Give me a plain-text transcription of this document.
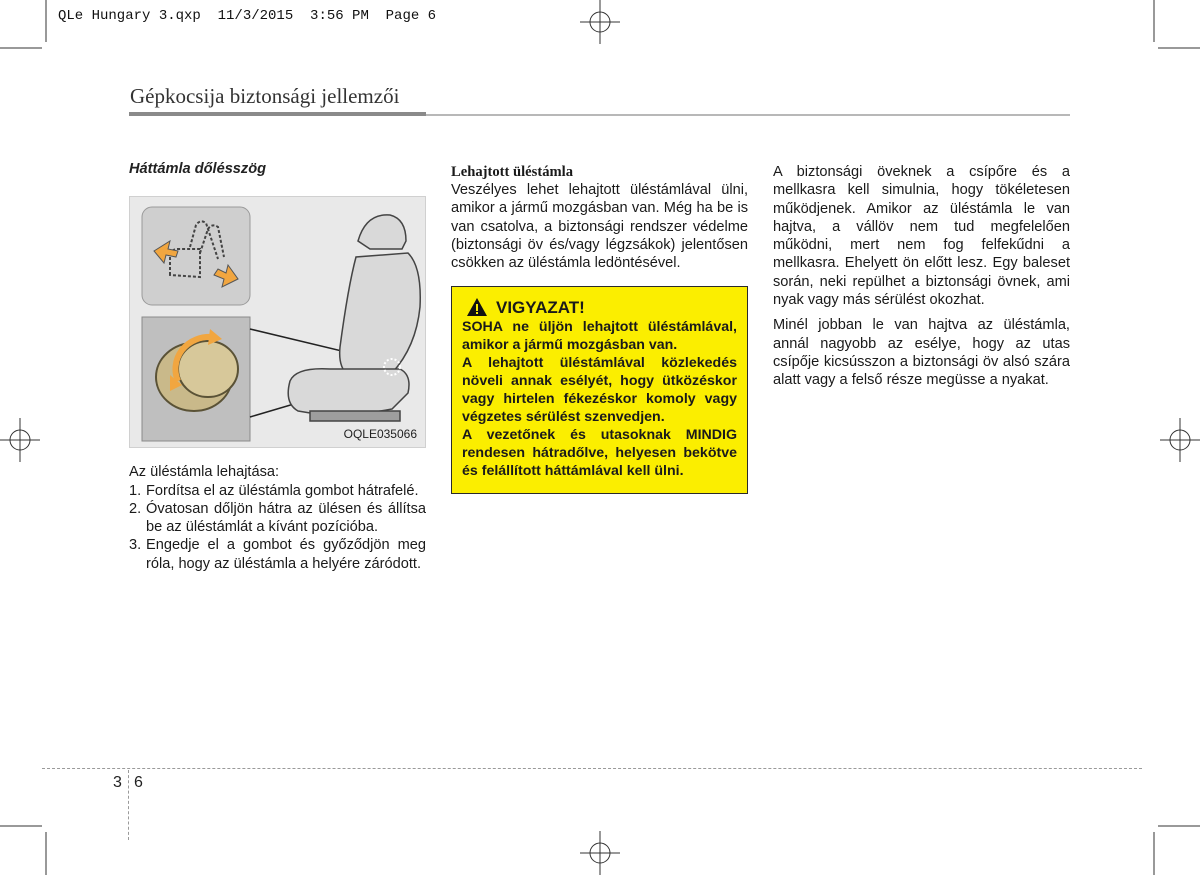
QLe Hungary 3.qxp  11/3/2015  3:56 PM  Page 6
Gépkocsija biztonsági jellemzői
Háttámla dőlésszög
OQLE035066
Az üléstámla lehajtása:
1. Fordítsa el az üléstámla gombot hátrafelé.
2. Óvatosan dőljön hátra az ülésen és állítsa be az üléstámlát a kívánt pozícióba.
3. Engedje el a gombot és győződjön meg róla, hogy az üléstámla a helyére záródott.
Lehajtott üléstámla

Veszélyes lehet lehajtott üléstámlával ülni, amikor a jármű mozgásban van. Még ha be is van csatolva, a biztonsági rendszer védelme (biztonsági öv és/vagy légzsákok) jelentősen csökken az üléstámla ledöntésével.

VIGYAZAT!

SOHA ne üljön lehajtott üléstámlával, amikor a jármű mozgásban van.

A lehajtott üléstámlával közlekedés növeli annak esélyét, hogy ütközéskor vagy hirtelen fékezéskor komoly vagy végzetes sérülést szenvedjen.

A vezetőnek és utasoknak MINDIG rendesen hátradőlve, helyesen bekötve és felállított háttámlával kell ülni.

A biztonsági öveknek a csípőre és a mellkasra kell simulnia, hogy tökéletesen működjenek. Amikor az üléstámla le van hajtva, a vállöv nem tud megfelelően működni, mert nem fog felfekűdni a mellkasra. Ehelyett ön előtt lesz. Egy baleset során, neki repülhet a biztonsági övnek, ami nyak vagy más sérülést okozhat.

Minél jobban le van hajtva az üléstámla, annál nagyobb az esélye, hogy az utas csípője kicsússzon a biztonsági öv alsó szára alatt vagy a felső része megüsse a nyakat.

3 6
